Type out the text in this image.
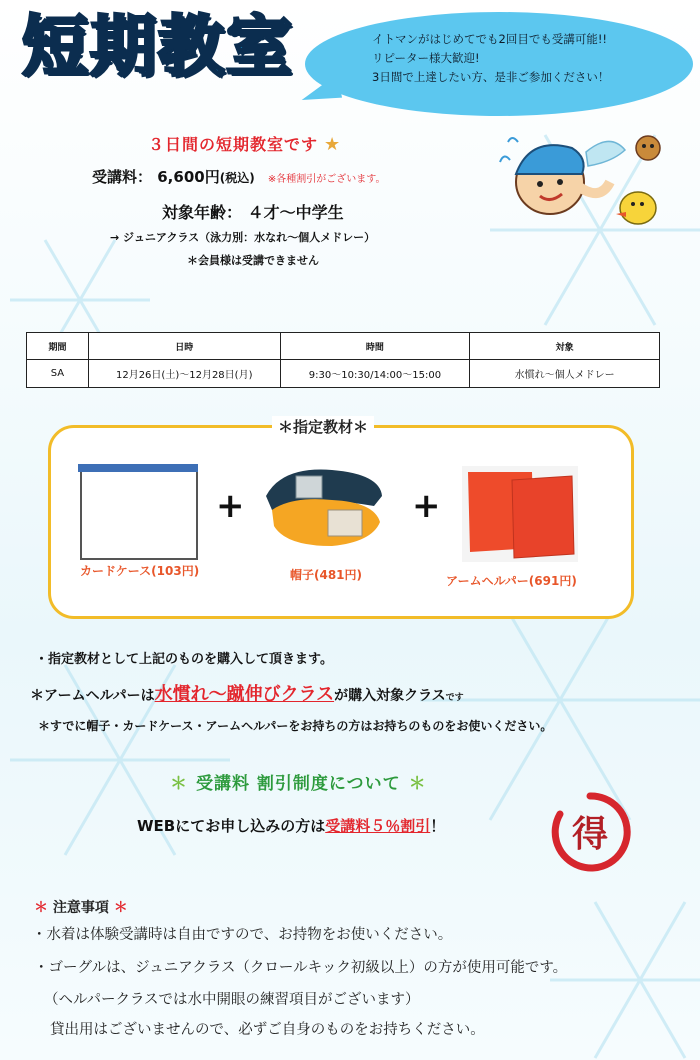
短期教室	イトマンがはじめてでも2回目でも受講可能!!
リピーター様大歓迎!
3日間で上達したい方、是非ご参加ください！
３日間の短期教室です ★
受講料： 6,600円(税込) ※各種割引がございます。
対象年齢： ４才〜中学生
→ ジュニアクラス（泳力別：水なれ〜個人メドレー）
＊会員様は受講できません
期間	日時	時間	対象
SA	12月26日(土)〜12月28日(月)	9:30〜10:30/14:00〜15:00	水慣れ〜個人メドレー
＊指定教材＊
カードケース(103円)
+
帽子(481円)
+
アームヘルパー(691円)
・指定教材として上記のものを購入して頂きます。
＊アームヘルパーは水慣れ〜蹴伸びクラスが購入対象クラスです
＊すでに帽子・カードケース・アームヘルパーをお持ちの方はお持ちのものをお使いください。
＊ 受講料 割引制度について ＊
WEBにてお申し込みの方は受講料５％割引！	得
＊ 注意事項 ＊
・水着は体験受講時は自由ですので、お持物をお使いください。
・ゴーグルは、ジュニアクラス（クロールキック初級以上）の方が使用可能です。
（ヘルパークラスでは水中開眼の練習項目がございます）
貸出用はございませんので、必ずご自身のものをお持ちください。
